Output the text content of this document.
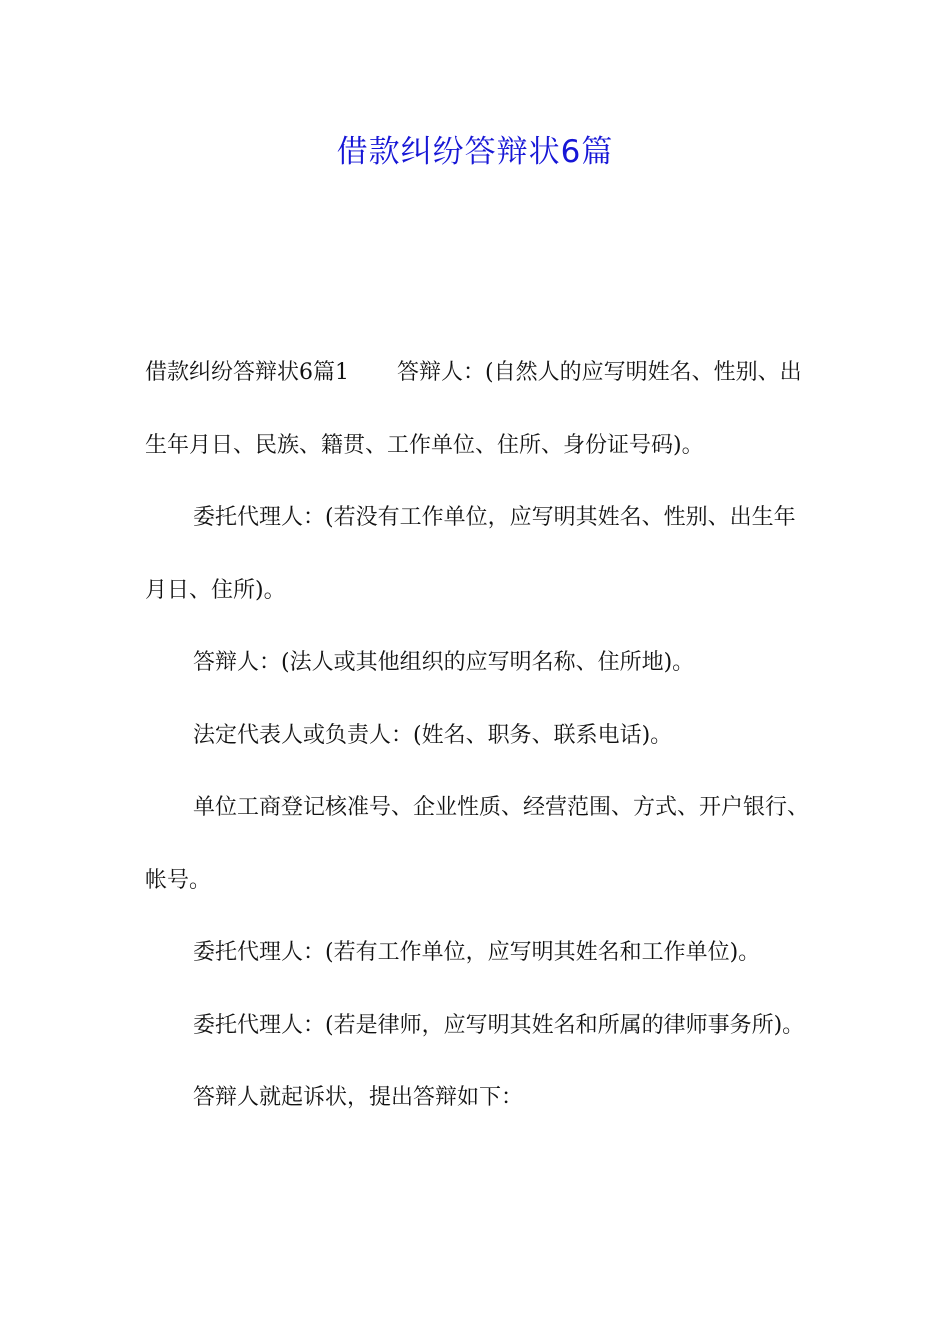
借款纠纷答辩状6篇

借款纠纷答辩状6篇1 答辩人：(自然人的应写明姓名、性别、出生年月日、民族、籍贯、工作单位、住所、身份证号码)。

委托代理人：(若没有工作单位，应写明其姓名、性别、出生年月日、住所)。

答辩人：(法人或其他组织的应写明名称、住所地)。

法定代表人或负责人：(姓名、职务、联系电话)。

单位工商登记核准号、企业性质、经营范围、方式、开户银行、帐号。

委托代理人：(若有工作单位，应写明其姓名和工作单位)。

委托代理人：(若是律师，应写明其姓名和所属的律师事务所)。

答辩人就起诉状，提出答辩如下：
